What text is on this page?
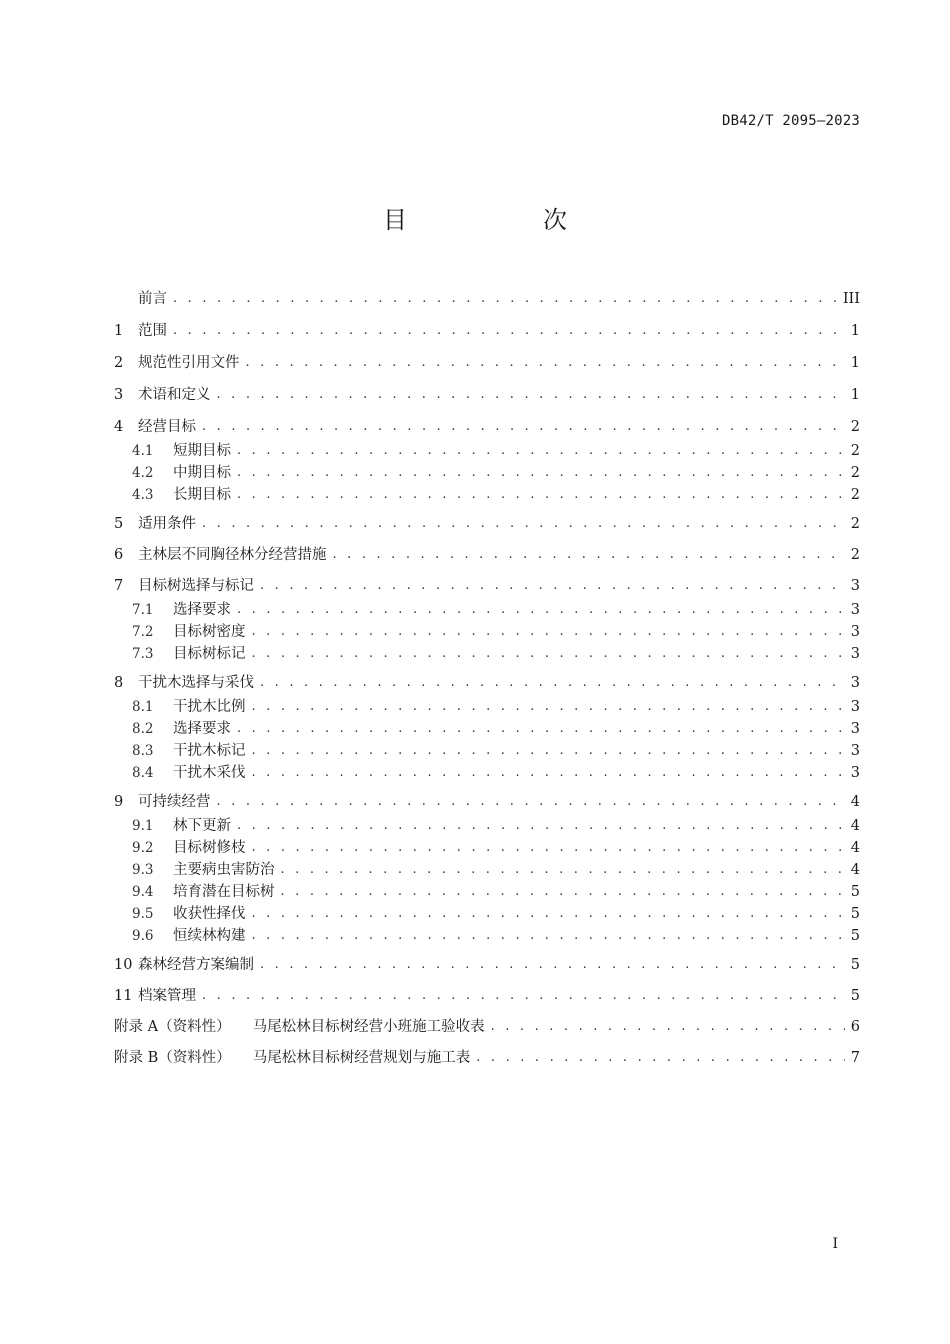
DB42/T 2095—2023
目　次
前言 . . .	III
1	范围 . . .	1
2	规范性引用文件 . . .	1
3	术语和定义 . . .	1
4	经营目标 . . .	2
4.1	短期目标 . . .	2
4.2	中期目标 . . .	2
4.3	长期目标 . . .	2
5	适用条件 . . .	2
6	主林层不同胸径林分经营措施 . . .	2
7	目标树选择与标记 . . .	3
7.1	选择要求 . . .	3
7.2	目标树密度 . . .	3
7.3	目标树标记 . . .	3
8	干扰木选择与采伐 . . .	3
8.1	干扰木比例 . . .	3
8.2	选择要求 . . .	3
8.3	干扰木标记 . . .	3
8.4	干扰木采伐 . . .	3
9	可持续经营 . . .	4
9.1	林下更新 . . .	4
9.2	目标树修枝 . . .	4
9.3	主要病虫害防治 . . .	4
9.4	培育潜在目标树 . . .	5
9.5	收获性择伐 . . .	5
9.6	恒续林构建 . . .	5
10 森林经营方案编制 . . .	5
11 档案管理 . . .	5
附录 A（资料性） 马尾松林目标树经营小班施工验收表 . . .	6
附录 B（资料性） 马尾松林目标树经营规划与施工表 . . .	7
I
